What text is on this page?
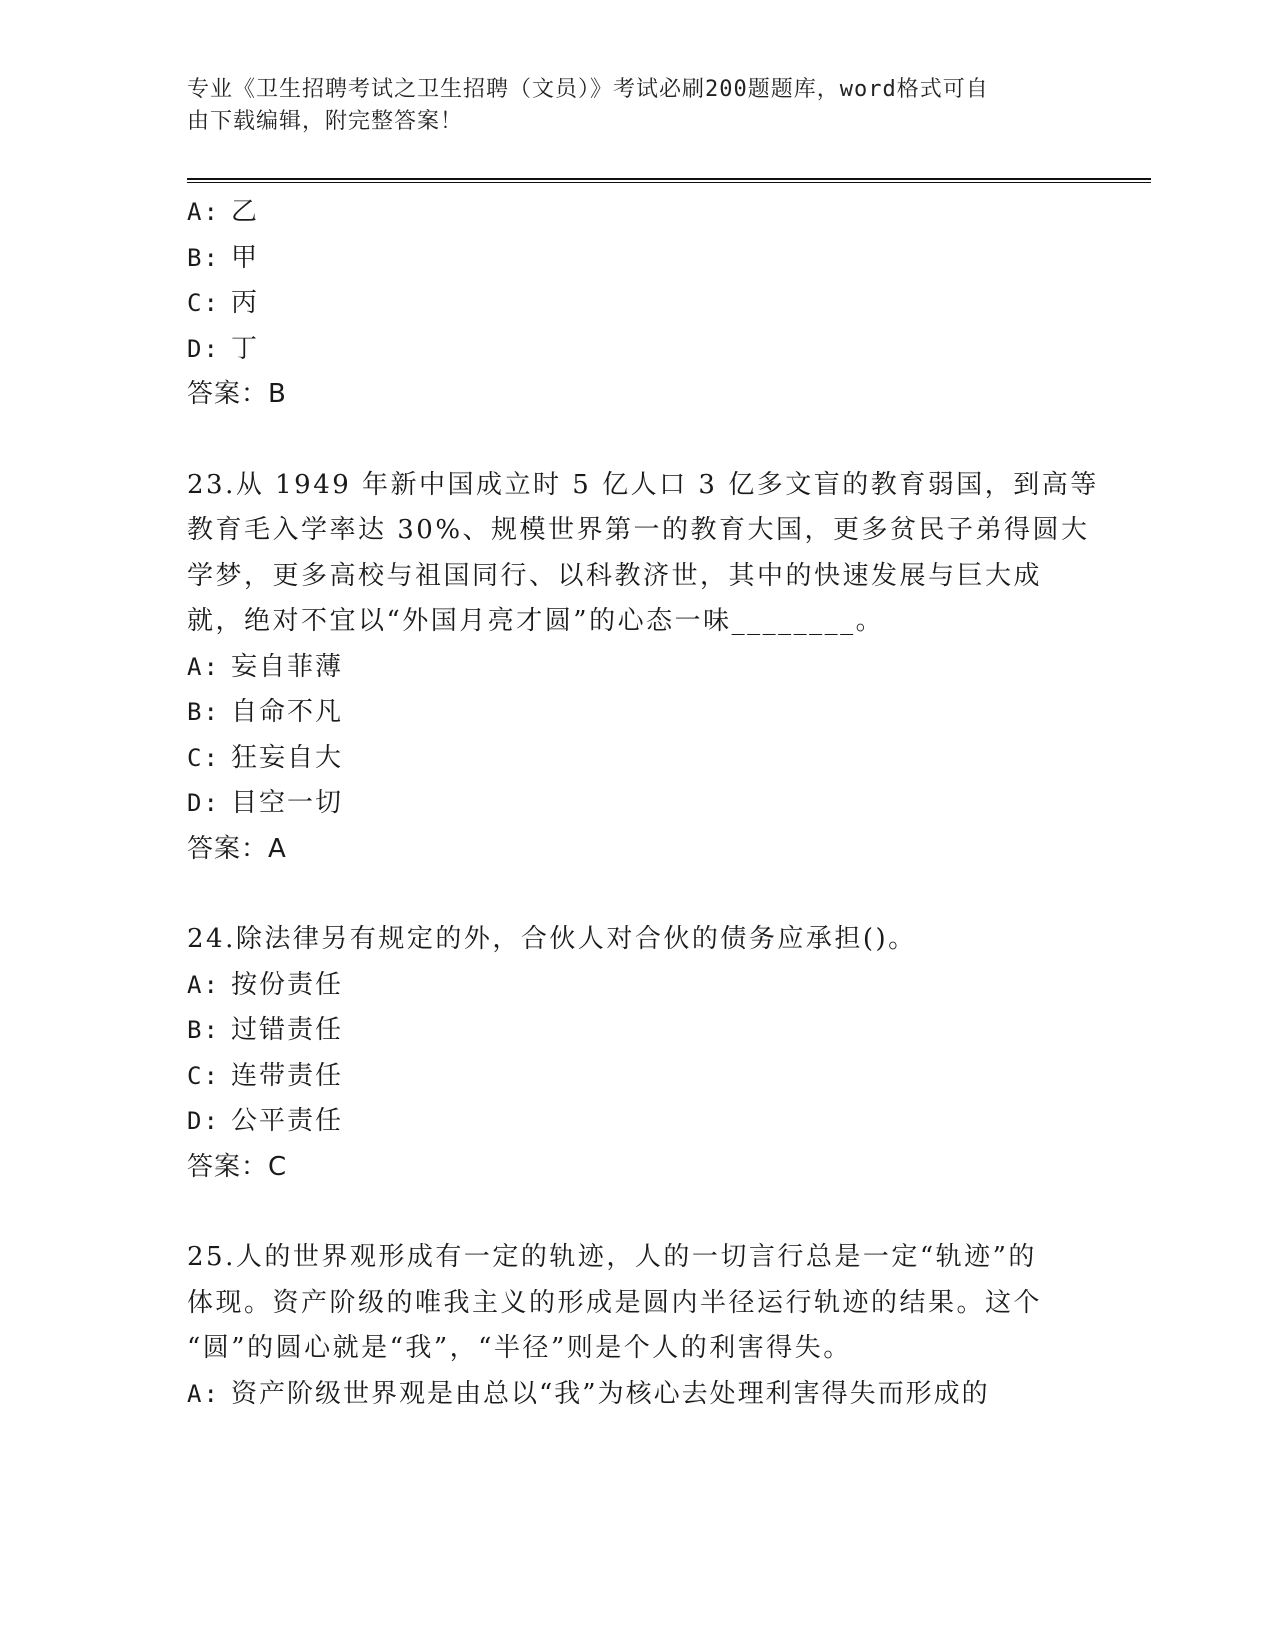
专业《卫生招聘考试之卫生招聘（文员）》考试必刷200题题库，word格式可自
由下载编辑，附完整答案！
A: 乙
B: 甲
C: 丙
D: 丁
答案：B
23.从 1949 年新中国成立时 5 亿人口 3 亿多文盲的教育弱国，到高等
教育毛入学率达 30%、规模世界第一的教育大国，更多贫民子弟得圆大
学梦，更多高校与祖国同行、以科教济世，其中的快速发展与巨大成
就，绝对不宜以“外国月亮才圆”的心态一味________。
A: 妄自菲薄
B: 自命不凡
C: 狂妄自大
D: 目空一切
答案：A
24.除法律另有规定的外，合伙人对合伙的债务应承担()。
A: 按份责任
B: 过错责任
C: 连带责任
D: 公平责任
答案：C
25.人的世界观形成有一定的轨迹，人的一切言行总是一定“轨迹”的
体现。资产阶级的唯我主义的形成是圆内半径运行轨迹的结果。这个
“圆”的圆心就是“我”，“半径”则是个人的利害得失。
A: 资产阶级世界观是由总以“我”为核心去处理利害得失而形成的
